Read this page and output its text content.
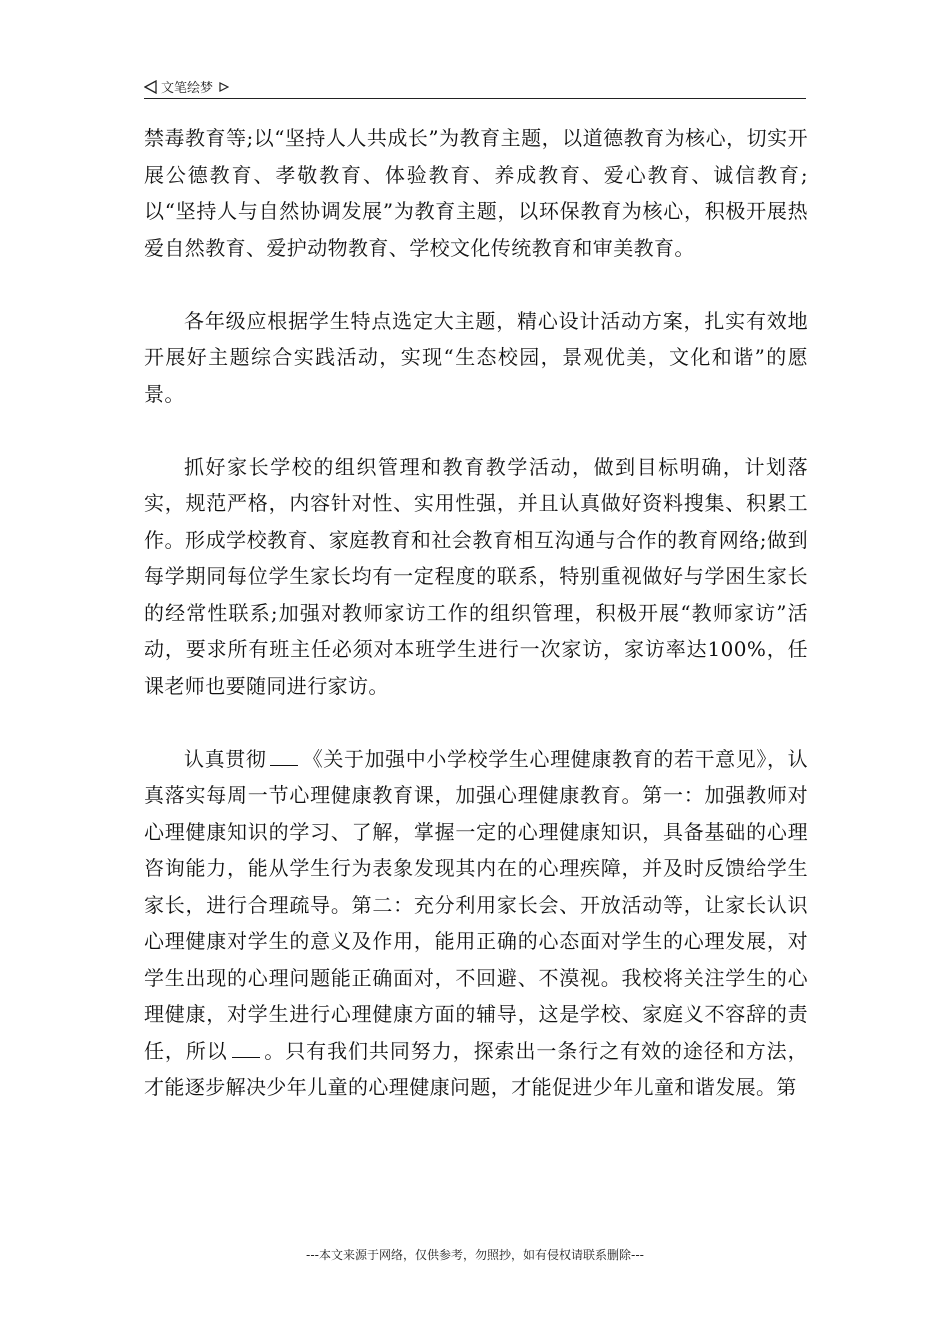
文笔绘梦

禁毒教育等;以“坚持人人共成长”为教育主题，以道德教育为核心，切实开展公德教育、孝敬教育、体验教育、养成教育、爱心教育、诚信教育;以“坚持人与自然协调发展”为教育主题，以环保教育为核心，积极开展热爱自然教育、爱护动物教育、学校文化传统教育和审美教育。

各年级应根据学生特点选定大主题，精心设计活动方案，扎实有效地开展好主题综合实践活动，实现“生态校园，景观优美，文化和谐”的愿景。

抓好家长学校的组织管理和教育教学活动，做到目标明确，计划落实，规范严格，内容针对性、实用性强，并且认真做好资料搜集、积累工作。形成学校教育、家庭教育和社会教育相互沟通与合作的教育网络;做到每学期同每位学生家长均有一定程度的联系，特别重视做好与学困生家长的经常性联系;加强对教师家访工作的组织管理，积极开展“教师家访”活动，要求所有班主任必须对本班学生进行一次家访，家访率达100%，任课老师也要随同进行家访。

认真贯彻 《关于加强中小学校学生心理健康教育的若干意见》，认真落实每周一节心理健康教育课，加强心理健康教育。第一：加强教师对心理健康知识的学习、了解，掌握一定的心理健康知识，具备基础的心理咨询能力，能从学生行为表象发现其内在的心理疾障，并及时反馈给学生家长，进行合理疏导。第二：充分利用家长会、开放活动等，让家长认识心理健康对学生的意义及作用，能用正确的心态面对学生的心理发展，对学生出现的心理问题能正确面对，不回避、不漠视。我校将关注学生的心理健康，对学生进行心理健康方面的辅导，这是学校、家庭义不容辞的责任，所以 。只有我们共同努力，探索出一条行之有效的途径和方法，才能逐步解决少年儿童的心理健康问题，才能促进少年儿童和谐发展。第

---本文来源于网络，仅供参考，勿照抄，如有侵权请联系删除---
